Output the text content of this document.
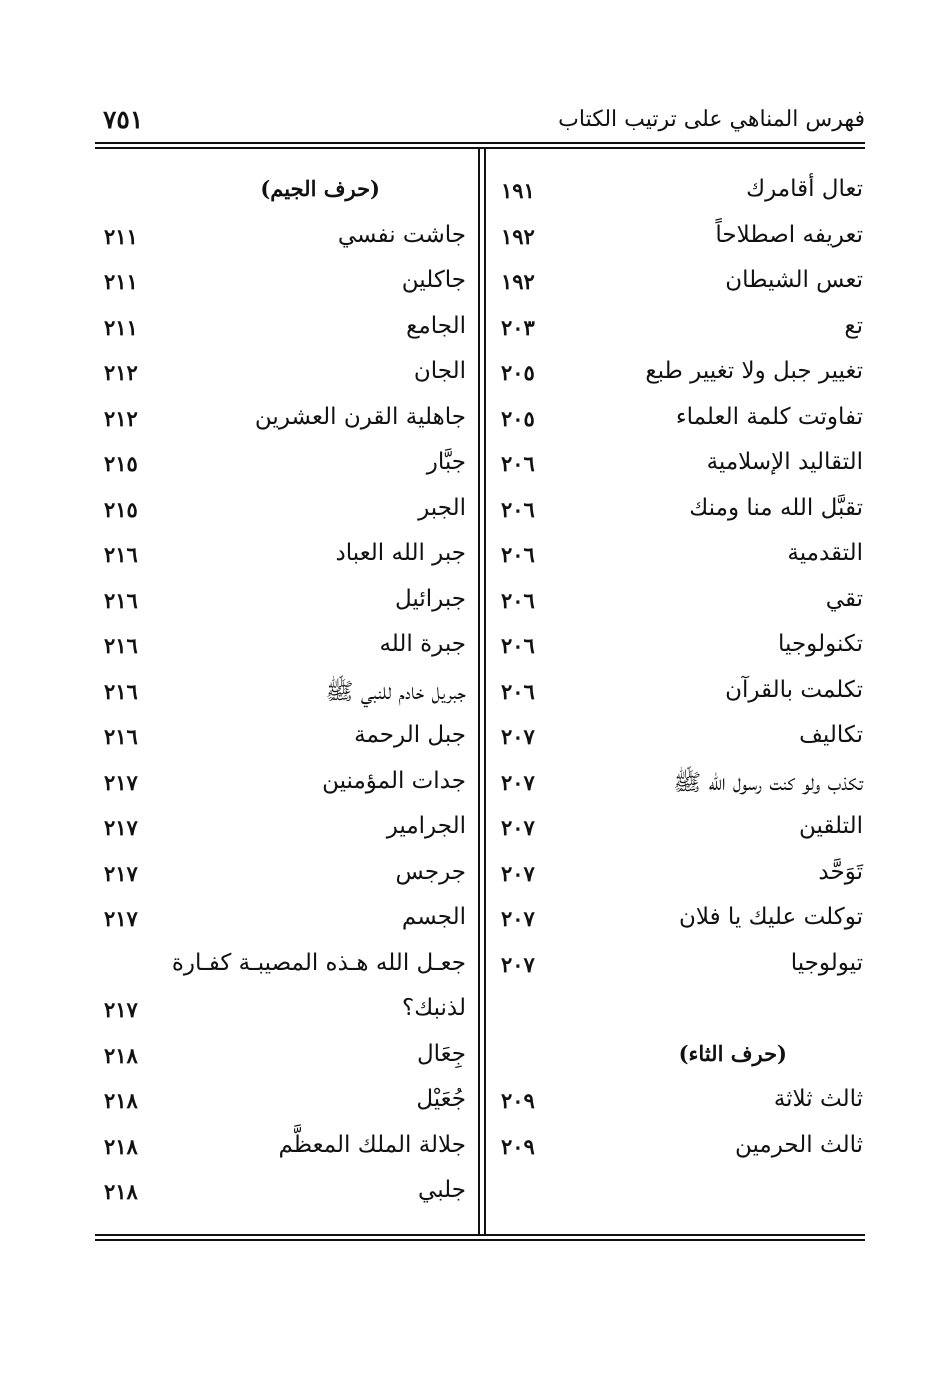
٧٥١	فهرس المناهي على ترتيب الكتاب
(حرف الجيم)
جاشت نفسي
٢١١
جاكلين
٢١١
الجامع
٢١١
الجان
٢١٢
جاهلية القرن العشرين
٢١٢
جبَّار
٢١٥
الجبر
٢١٥
جبر الله العباد
٢١٦
جبرائيل
٢١٦
جبرة الله
٢١٦
جبريل خادم للنبي ﷺ
٢١٦
جبل الرحمة
٢١٦
جدات المؤمنين
٢١٧
الجرامير
٢١٧
جرجس
٢١٧
الجسم
٢١٧
جعـل الله هـذه المصيبـة كفـارة
لذنبك؟
٢١٧
جِعَال
٢١٨
جُعَيْل
٢١٨
جلالة الملك المعظَّم
٢١٨
جلبي
٢١٨
تعال أقامرك
١٩١
تعريفه اصطلاحاً
١٩٢
تعس الشيطان
١٩٢
تع
٢٠٣
تغيير جبل ولا تغيير طبع
٢٠٥
تفاوتت كلمة العلماء
٢٠٥
التقاليد الإسلامية
٢٠٦
تقبَّل الله منا ومنك
٢٠٦
التقدمية
٢٠٦
تقي
٢٠٦
تكنولوجيا
٢٠٦
تكلمت بالقرآن
٢٠٦
تكاليف
٢٠٧
تكذب ولو كنت رسول الله ﷺ
٢٠٧
التلقين
٢٠٧
تَوَحَّد
٢٠٧
توكلت عليك يا فلان
٢٠٧
تيولوجيا
٢٠٧
(حرف الثاء)
ثالث ثلاثة
٢٠٩
ثالث الحرمين
٢٠٩
